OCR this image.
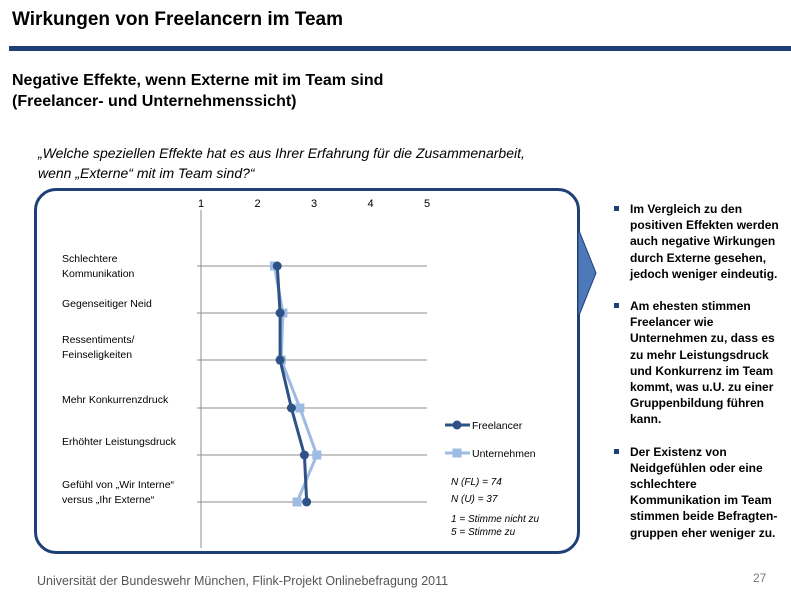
Wirkungen von Freelancern im Team
Negative Effekte, wenn Externe mit im Team sind
(Freelancer- und Unternehmenssicht)
„Welche speziellen Effekte hat es aus Ihrer Erfahrung für die Zusammenarbeit,
wenn „Externe“ mit im Team sind?“
1	2	3	4	5
Schlechtere
Kommunikation
Gegenseitiger Neid
Ressentiments/
Feinseligkeiten
Mehr Konkurrenzdruck
Erhöhter Leistungsdruck
Gefühl von „Wir Interne“
versus „Ihr Externe“
Freelancer
Unternehmen
N (FL) = 74
N (U) = 37
1 = Stimme nicht zu
5 = Stimme zu
Im Vergleich zu den positiven Effekten werden auch negative Wirkungen durch Externe gesehen, jedoch weniger eindeutig.
Am ehesten stimmen Freelancer wie Unternehmen zu, dass es zu mehr Leistungsdruck und Konkurrenz im Team kommt, was u.U. zu einer Gruppenbildung führen kann.
Der Existenz von Neidgefühlen oder eine schlechtere Kommunikation im Team stimmen beide Befragten-gruppen eher weniger zu.
Universität der Bundeswehr München, Flink-Projekt Onlinebefragung 2011	27
